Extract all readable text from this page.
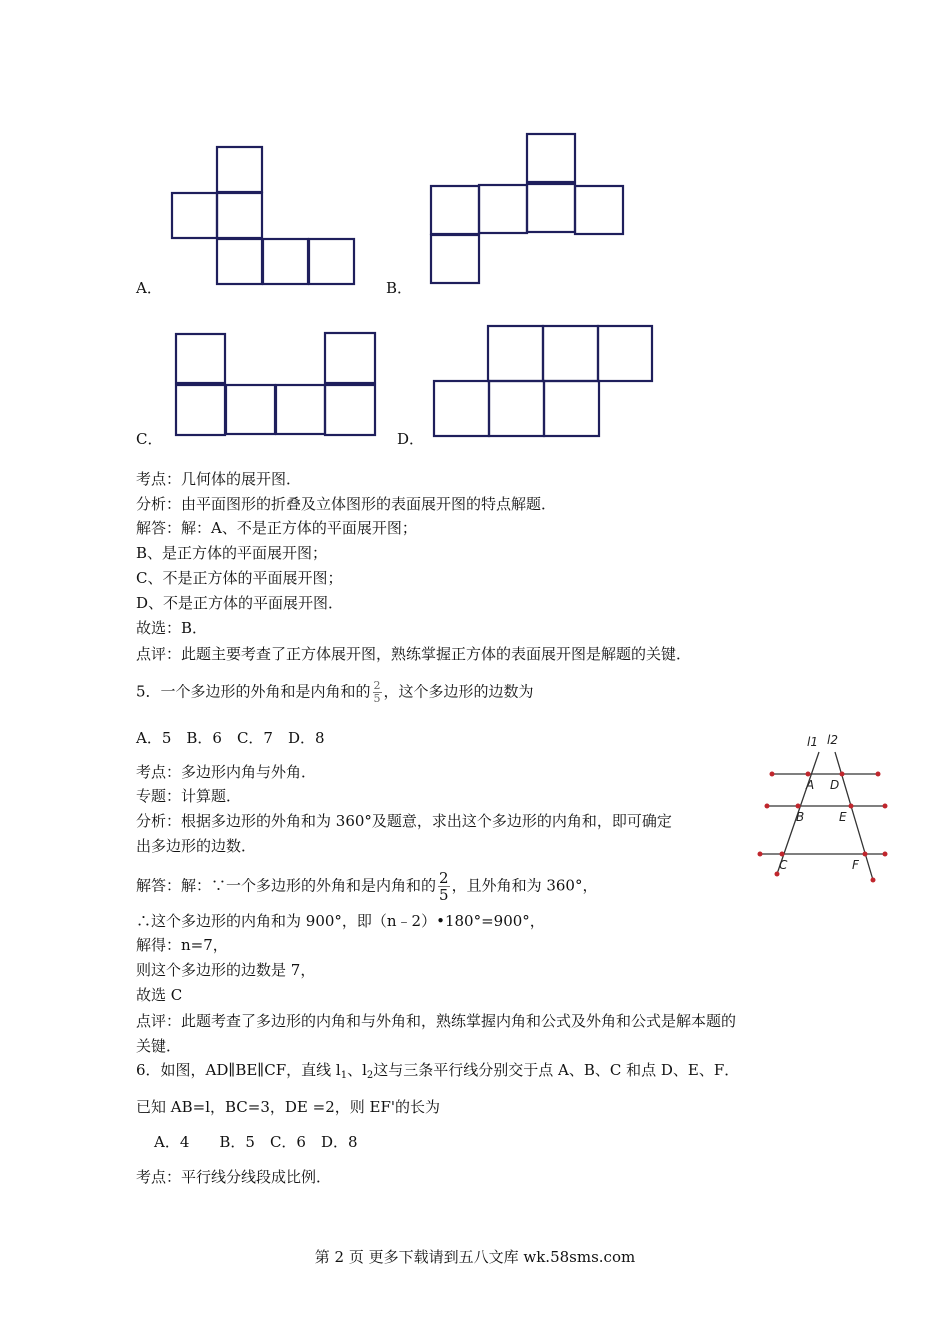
A．	B．
C．	D．
考点：几何体的展开图．
分析：由平面图形的折叠及立体图形的表面展开图的特点解题．
解答：解：A、不是正方体的平面展开图；
B、是正方体的平面展开图；
C、不是正方体的平面展开图；
D、不是正方体的平面展开图．
故选：B．
点评：此题主要考查了正方体展开图，熟练掌握正方体的表面展开图是解题的关键．
5．一个多边形的外角和是内角和的 $\frac{2}{5}$ ，这个多边形的边数为
A．5　B．6　C．7　D．8
考点：多边形内角与外角．
专题：计算题．
分析：根据多边形的外角和为 360°及题意，求出这个多边形的内角和，即可确定
出多边形的边数．
解答：解：∵一个多边形的外角和是内角和的 $\frac{2}{5}$ ，且外角和为 360°，
∴这个多边形的内角和为 900°，即（n﹣2）•180°=900°，
解得：n=7，
则这个多边形的边数是 7，
故选 C
点评：此题考查了多边形的内角和与外角和，熟练掌握内角和公式及外角和公式是解本题的
关键．
l1 l2
A D
B	E
C	F
6．如图，AD∥BE∥CF，直线 $l_1$、$l_2$这与三条平行线分别交于点 A、B、C 和点 D、E、F．
已知 AB=l，BC=3，DE =2，则 EF'的长为
A．4　　B．5　C．6　D．8
考点：平行线分线段成比例．
第 2 页 更多下载请到五八文库 wk.58sms.com
